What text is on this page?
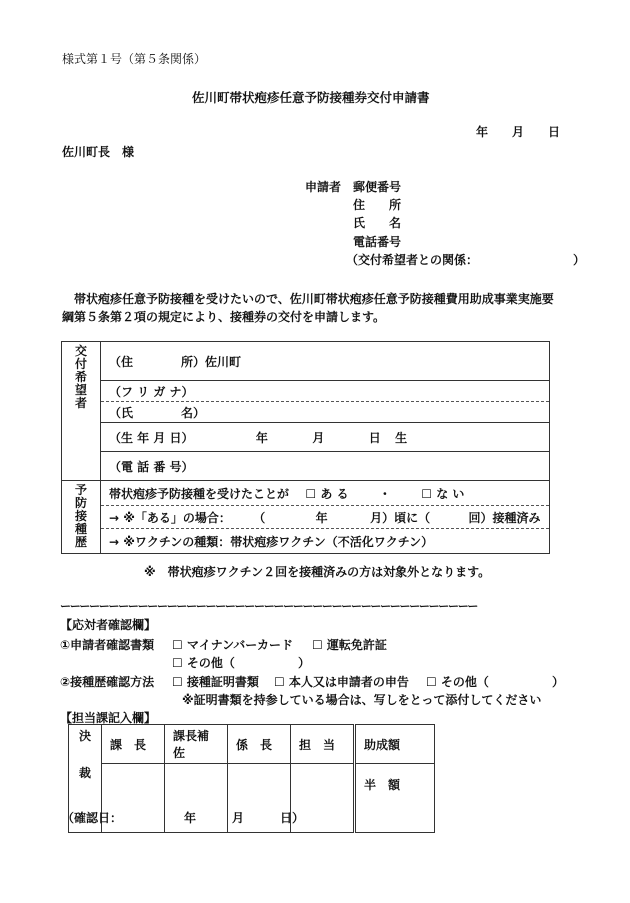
様式第１号（第５条関係）
佐川町帯状疱疹任意予防接種券交付申請書
年 月 日
佐川町長　様
申請者 郵便番号
住　　所
氏　　名
電話番号
（交付希望者との関係：	）
帯状疱疹任意予防接種を受けたいので、佐川町帯状疱疹任意予防接種費用助成事業実施要
綱第５条第２項の規定により、接種券の交付を申請します。
交
付
希
望
者	（住　　　　所）佐川町
	（フ リ ガ ナ）
	（氏　　　　名）
	（生 年 月 日） 年 月 日 生
	（電 話 番 号）
予
防
接
種
歴	帯状疱疹予防接種を受けたことが ☐ あ る ・ ☐ な い
	→ ※「ある」の場合： （ 年 月）頃に（ 回）接種済み
	→ ※ワクチンの種類：帯状疱疹ワクチン（不活化ワクチン）
※　帯状疱疹ワクチン２回を接種済みの方は対象外となります。
ーーーーーーーーーーーーーーーーーーーーーーーーーーーーーーーーーーーーーーーーーーー
【応対者確認欄】
①申請者確認書類 ☐ マイナンバーカード ☐ 運転免許証
☐ その他（	）
②接種歴確認方法 ☐ 接種証明書類 ☐ 本人又は申請者の申告 ☐ その他（	）
※証明書類を持参している場合は、写しをとって添付してください
【担当課記入欄】
決
裁	課　長	課長補佐	係　長	担　当	助成額
					半　額
（確認日：	年	月	日）
